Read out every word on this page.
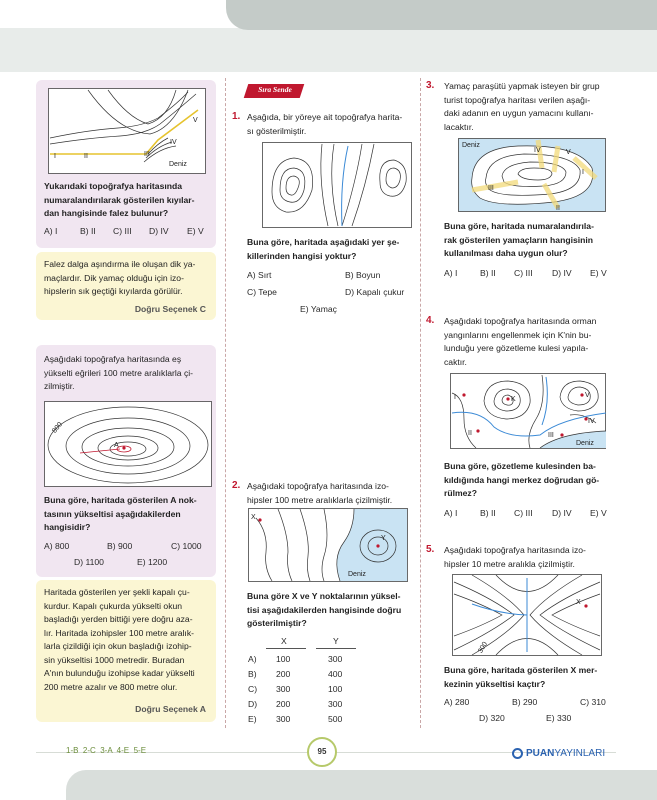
I	II	III
IV
V
Deniz
Yukarıdaki topoğrafya haritasında
numaralandırılarak gösterilen kıyılar-
dan hangisinde falez bulunur?
A) I	B) II C) III D) IV E) V
Falez dalga aşındırma ile oluşan dik ya-
maçlardır. Dik yamaç olduğu için izo-
hipslerin sık geçtiği kıyılarda görülür.
Doğru Seçenek C
Aşağıdaki topoğrafya haritasında eş
yükselti eğrileri 100 metre aralıklarla çi-
zilmiştir.
800
A
Buna göre, haritada gösterilen A nok-
tasının yükseltisi aşağıdakilerden
hangisidir?
A) 800	B) 900	C) 1000
D) 1100	E) 1200
Haritada gösterilen yer şekli kapalı çu-
kurdur. Kapalı çukurda yükselti okun
başladığı yerden bittiği yere doğru aza-
lır. Haritada izohipsler 100 metre aralık-
larla çizildiği için okun başladığı izohip-
sin yükseltisi 1000 metredir. Buradan
A'nın bulunduğu izohipse kadar yükselti
200 metre azalır ve 800 metre olur.
Doğru Seçenek A
Sıra Sende
1. Aşağıda, bir yöreye ait topoğrafya harita-
sı gösterilmiştir.
Buna göre, haritada aşağıdaki yer şe-
killerinden hangisi yoktur?
A) Sırt	B) Boyun
C) Tepe	D) Kapalı çukur
E) Yamaç
2. Aşağıdaki topoğrafya haritasında izo-
hipsler 100 metre aralıklarla çizilmiştir.
X
Y
Deniz
Buna göre X ve Y noktalarının yüksel-
tisi aşağıdakilerden hangisinde doğru
gösterilmiştir?
X	Y
A) 100	300
B) 200	400
C) 300	100
D) 200	300
E) 300	500
3. Yamaç paraşütü yapmak isteyen bir grup
turist topoğrafya haritası verilen aşağı-
daki adanın en uygun yamacını kullanı-
lacaktır.
Deniz
I
II
III
IV	V
Buna göre, haritada numaralandırıla-
rak gösterilen yamaçların hangisinin
kullanılması daha uygun olur?
A) I	B) II C) III D) IV E) V
4. Aşağıdaki topoğrafya haritasında orman
yangınlarını engellenmek için K'nin bu-
lunduğu yere gözetleme kulesi yapıla-
caktır.
I	K
II	III
IV
V
Deniz
Buna göre, gözetleme kulesinden ba-
kıldığında hangi merkez doğrudan gö-
rülmez?
A) I	B) II C) III D) IV E) V
5. Aşağıdaki topoğrafya haritasında izo-
hipsler 10 metre aralıkla çizilmiştir.
X
300
Buna göre, haritada gösterilen X mer-
kezinin yükseltisi kaçtır?
A) 280	B) 290	C) 310
D) 320	E) 330
1-B  2-C  3-A  4-E  5-E	95	PUAN YAYINLARI
